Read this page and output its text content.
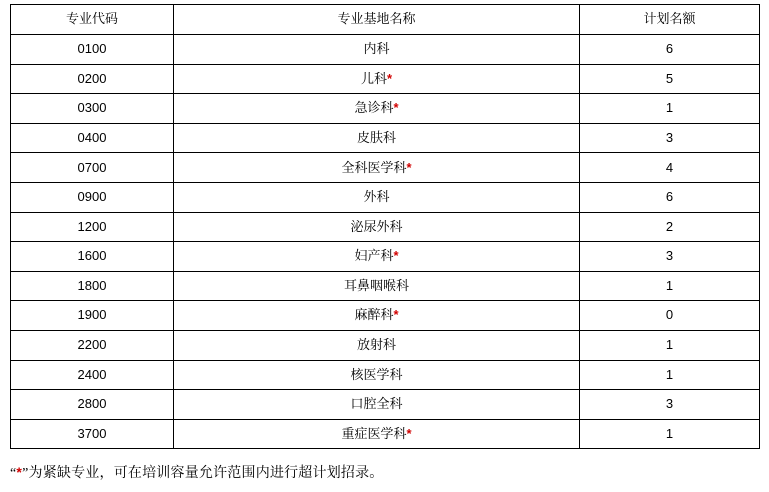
专业代码	专业基地名称	计划名额
0100	内科	6
0200	儿科*	5
0300	急诊科*	1
0400	皮肤科	3
0700	全科医学科*	4
0900	外科	6
1200	泌尿外科	2
1600	妇产科*	3
1800	耳鼻咽喉科	1
1900	麻醉科*	0
2200	放射科	1
2400	核医学科	1
2800	口腔全科	3
3700	重症医学科*	1
“*”为紧缺专业，可在培训容量允许范围内进行超计划招录。
